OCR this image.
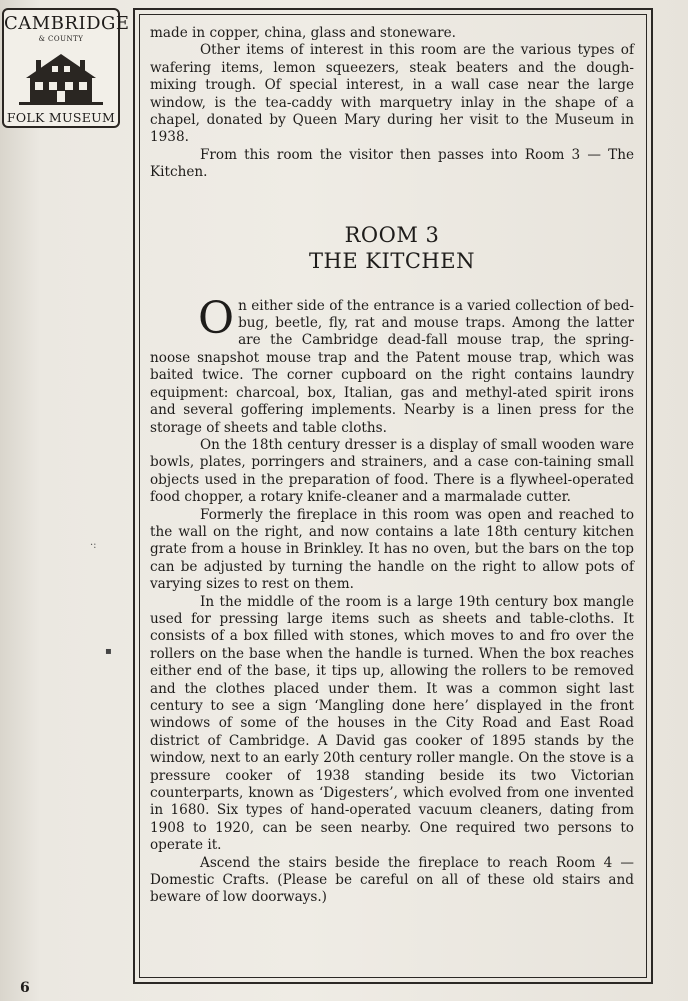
CAMBRIDGE
& COUNTY
FOLK MUSEUM

made in copper, china, glass and stoneware.

Other items of interest in this room are the various types of wafering items, lemon squeezers, steak beaters and the dough-mixing trough. Of special interest, in a wall case near the large window, is the tea-caddy with marquetry inlay in the shape of a chapel, donated by Queen Mary during her visit to the Museum in 1938.

From this room the visitor then passes into Room 3 — The Kitchen.

ROOM 3
THE KITCHEN

On either side of the entrance is a varied collection of bed-bug, beetle, fly, rat and mouse traps. Among the latter are the Cambridge dead-fall mouse trap, the spring-noose snapshot mouse trap and the Patent mouse trap, which was baited twice. The corner cupboard on the right contains laundry equipment: charcoal, box, Italian, gas and methyl-ated spirit irons and several goffering implements. Nearby is a linen press for the storage of sheets and table cloths.

On the 18th century dresser is a display of small wooden ware bowls, plates, porringers and strainers, and a case con-taining small objects used in the preparation of food. There is a flywheel-operated food chopper, a rotary knife-cleaner and a marmalade cutter.

Formerly the fireplace in this room was open and reached to the wall on the right, and now contains a late 18th century kitchen grate from a house in Brinkley. It has no oven, but the bars on the top can be adjusted by turning the handle on the right to allow pots of varying sizes to rest on them.

In the middle of the room is a large 19th century box mangle used for pressing large items such as sheets and table-cloths. It consists of a box filled with stones, which moves to and fro over the rollers on the base when the handle is turned. When the box reaches either end of the base, it tips up, allowing the rollers to be removed and the clothes placed under them. It was a common sight last century to see a sign ‘Mangling done here’ displayed in the front windows of some of the houses in the City Road and East Road district of Cambridge. A David gas cooker of 1895 stands by the window, next to an early 20th century roller mangle. On the stove is a pressure cooker of 1938 standing beside its two Victorian counterparts, known as ‘Digesters’, which evolved from one invented in 1680. Six types of hand-operated vacuum cleaners, dating from 1908 to 1920, can be seen nearby. One required two persons to operate it.

Ascend the stairs beside the fireplace to reach Room 4 — Domestic Crafts. (Please be careful on all of these old stairs and beware of low doorways.)

·:
▪
6
